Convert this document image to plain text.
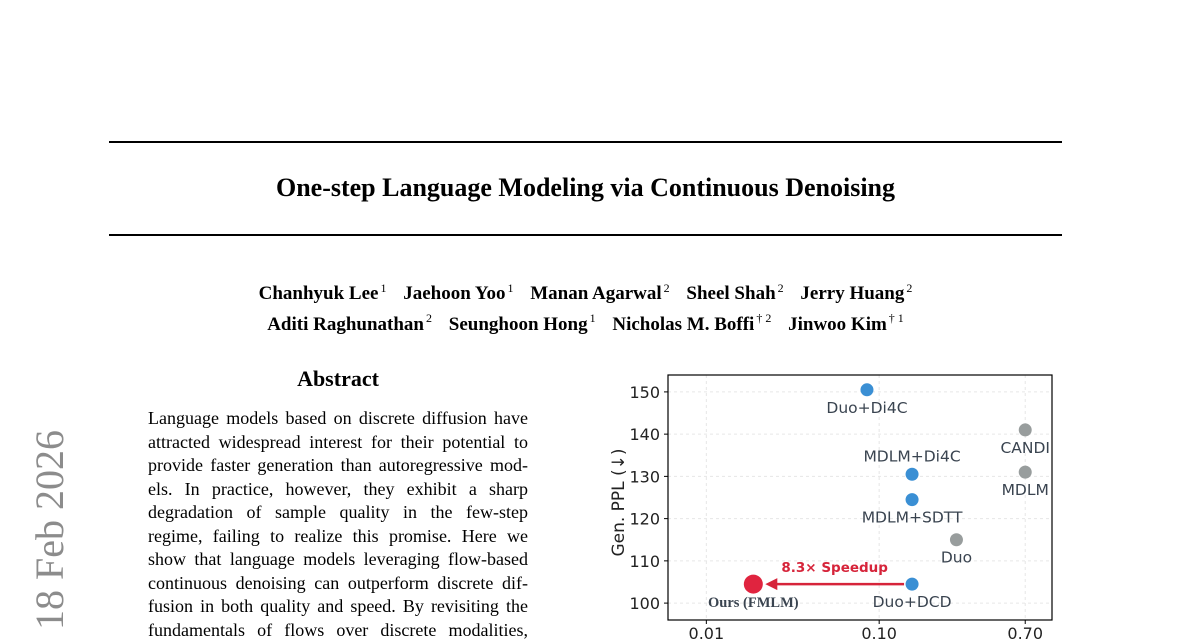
One-step Language Modeling via Continuous Denoising
Chanhyuk Lee $^1$ Jaehoon Yoo $^1$ Manan Agarwal $^2$ Sheel Shah $^2$ Jerry Huang $^2$
Aditi Raghunathan $^2$ Seunghoon Hong $^1$ Nicholas M. Boffi $^{\dagger 2}$ Jinwoo Kim $^{\dagger 1}$
18 Feb 2026
Abstract
Language models based on discrete diffusion have
attracted widespread interest for their potential to
provide faster generation than autoregressive mod-
els. In practice, however, they exhibit a sharp
degradation of sample quality in the few-step
regime, failing to realize this promise. Here we
show that language models leveraging flow-based
continuous denoising can outperform discrete dif-
fusion in both quality and speed. By revisiting the
fundamentals of flows over discrete modalities,
100
110
120
130
140
150
0.01	0.10	0.70
Gen. PPL (↓)
8.3× Speedup
Duo+Di4C
MDLM+Di4C
MDLM+SDTT
Duo+DCD
CANDI
MDLM
Duo
Ours (FMLM)
